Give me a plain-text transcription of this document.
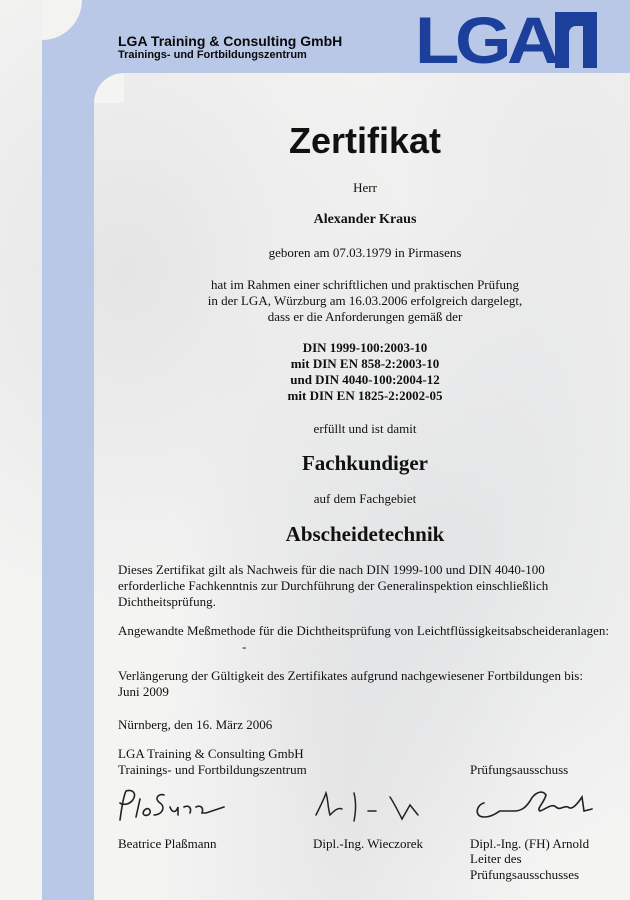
LGA Training & Consulting GmbH
Trainings- und Fortbildungszentrum	LGA
Zertifikat
Herr
Alexander Kraus
geboren am 07.03.1979 in Pirmasens
hat im Rahmen einer schriftlichen und praktischen Prüfung
in der LGA, Würzburg am 16.03.2006 erfolgreich dargelegt,
dass er die Anforderungen gemäß der
DIN 1999-100:2003-10
mit DIN EN 858-2:2003-10
und DIN 4040-100:2004-12
mit DIN EN 1825-2:2002-05
erfüllt und ist damit
Fachkundiger
auf dem Fachgebiet
Abscheidetechnik
Dieses Zertifikat gilt als Nachweis für die nach DIN 1999-100 und DIN 4040-100
erforderliche Fachkenntnis zur Durchführung der Generalinspektion einschließlich
Dichtheitsprüfung.
Angewandte Meßmethode für die Dichtheitsprüfung von Leichtflüssigkeitsabscheideranlagen:
-
Verlängerung der Gültigkeit des Zertifikates aufgrund nachgewiesener Fortbildungen bis:
Juni 2009
Nürnberg, den 16. März 2006
LGA Training & Consulting GmbH
Trainings- und Fortbildungszentrum	Prüfungsausschuss
Beatrice Plaßmann	Dipl.-Ing. Wieczorek	Dipl.-Ing. (FH) Arnold
Leiter des Prüfungsausschusses
